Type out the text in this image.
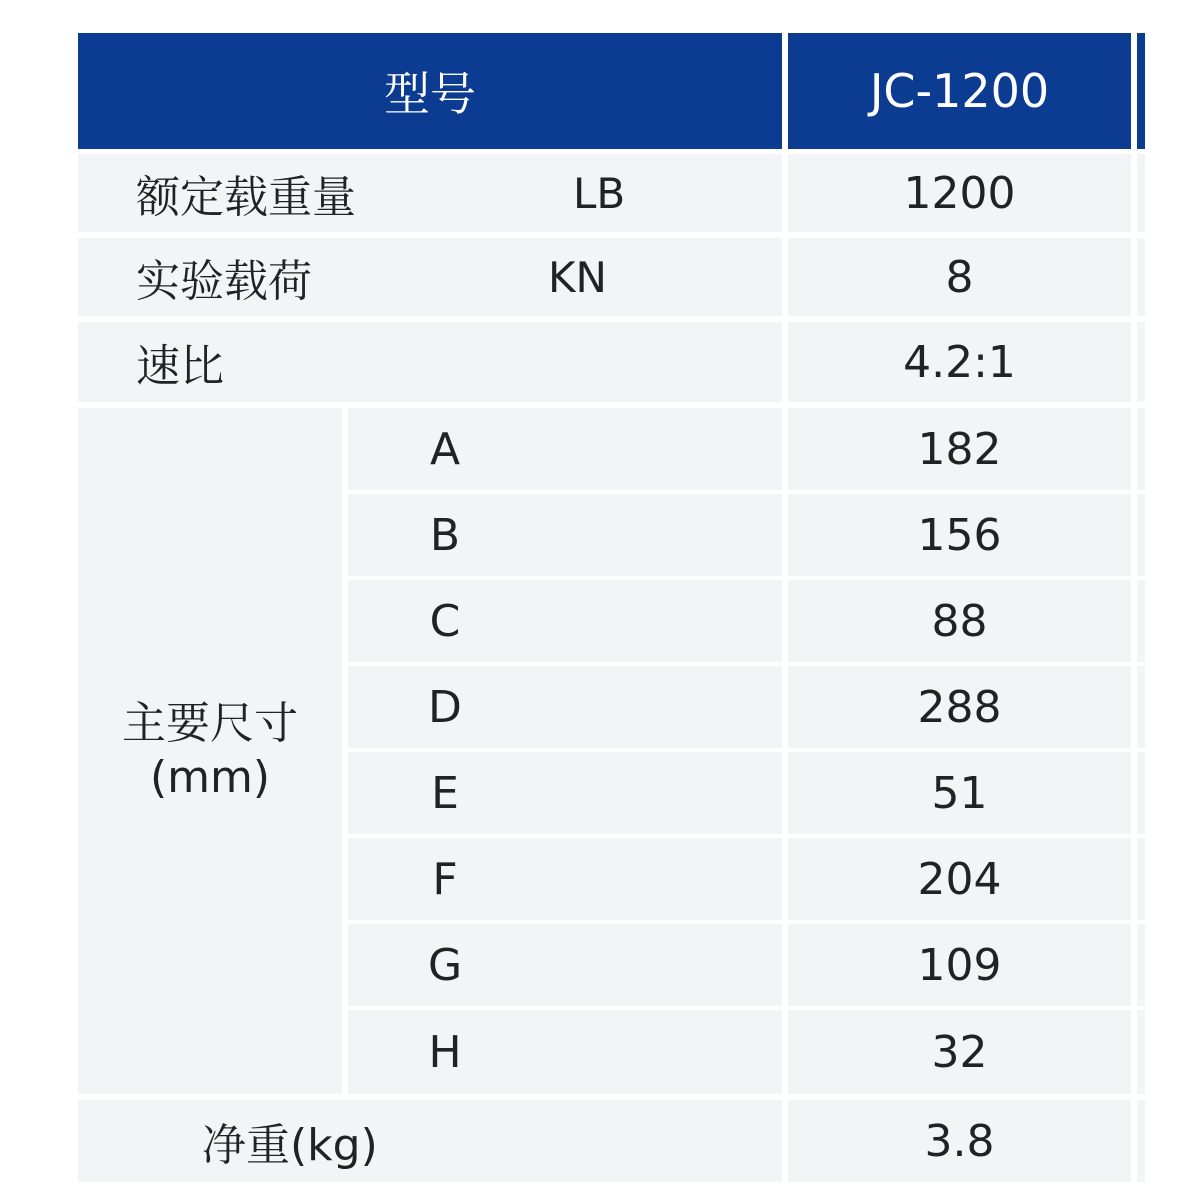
型号	JC-1200
额定载重量	LB	1200
实验载荷	KN	8
速比	4.2:1
主要尺寸
(mm)
A	182
B	156
C	88
D	288
E	51
F	204
G	109
H	32
净重(kg)	3.8
